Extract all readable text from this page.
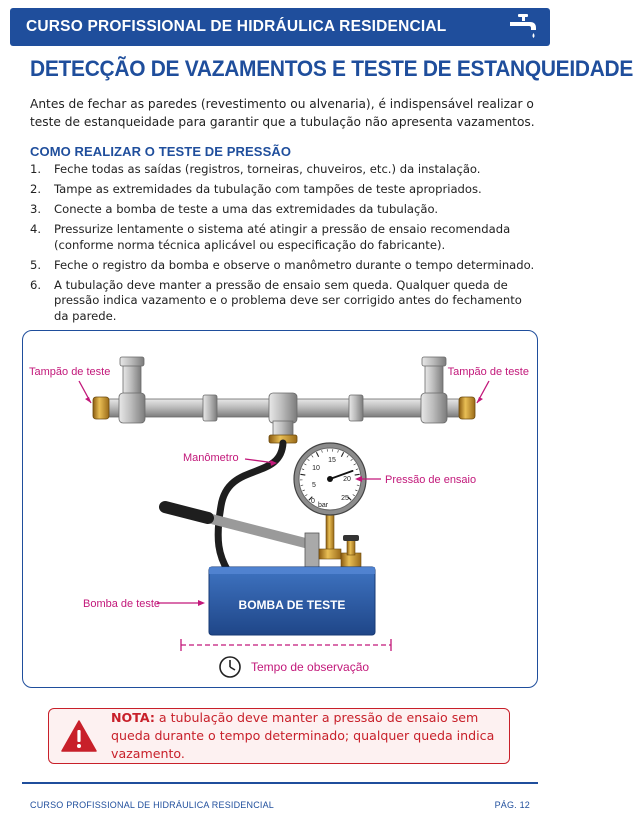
CURSO PROFISSIONAL DE HIDRÁULICA RESIDENCIAL
DETECÇÃO DE VAZAMENTOS E TESTE DE ESTANQUEIDADE

Antes de fechar as paredes (revestimento ou alvenaria), é indispensável realizar o teste de estanqueidade para garantir que a tubulação não apresenta vazamentos.

COMO REALIZAR O TESTE DE PRESSÃO
1.	Feche todas as saídas (registros, torneiras, chuveiros, etc.) da instalação.
2.	Tampe as extremidades da tubulação com tampões de teste apropriados.
3.	Conecte a bomba de teste a uma das extremidades da tubulação.
4.	Pressurize lentamente o sistema até atingir a pressão de ensaio recomendada (conforme norma técnica aplicável ou especificação do fabricante).
5.	Feche o registro da bomba e observe o manômetro durante o tempo determinado.
6.	A tubulação deve manter a pressão de ensaio sem queda. Qualquer queda de pressão indica vazamento e o problema deve ser corrigido antes do fechamento da parede.
5
10
15
20
25
0
bar
BOMBA DE TESTE
Tampão de teste	Tampão de teste
Manômetro
Pressão de ensaio
Bomba de teste
Tempo de observação
NOTA: a tubulação deve manter a pressão de ensaio sem queda durante o tempo determinado; qualquer queda indica vazamento.
CURSO PROFISSIONAL DE HIDRÁULICA RESIDENCIAL	PÁG. 12
